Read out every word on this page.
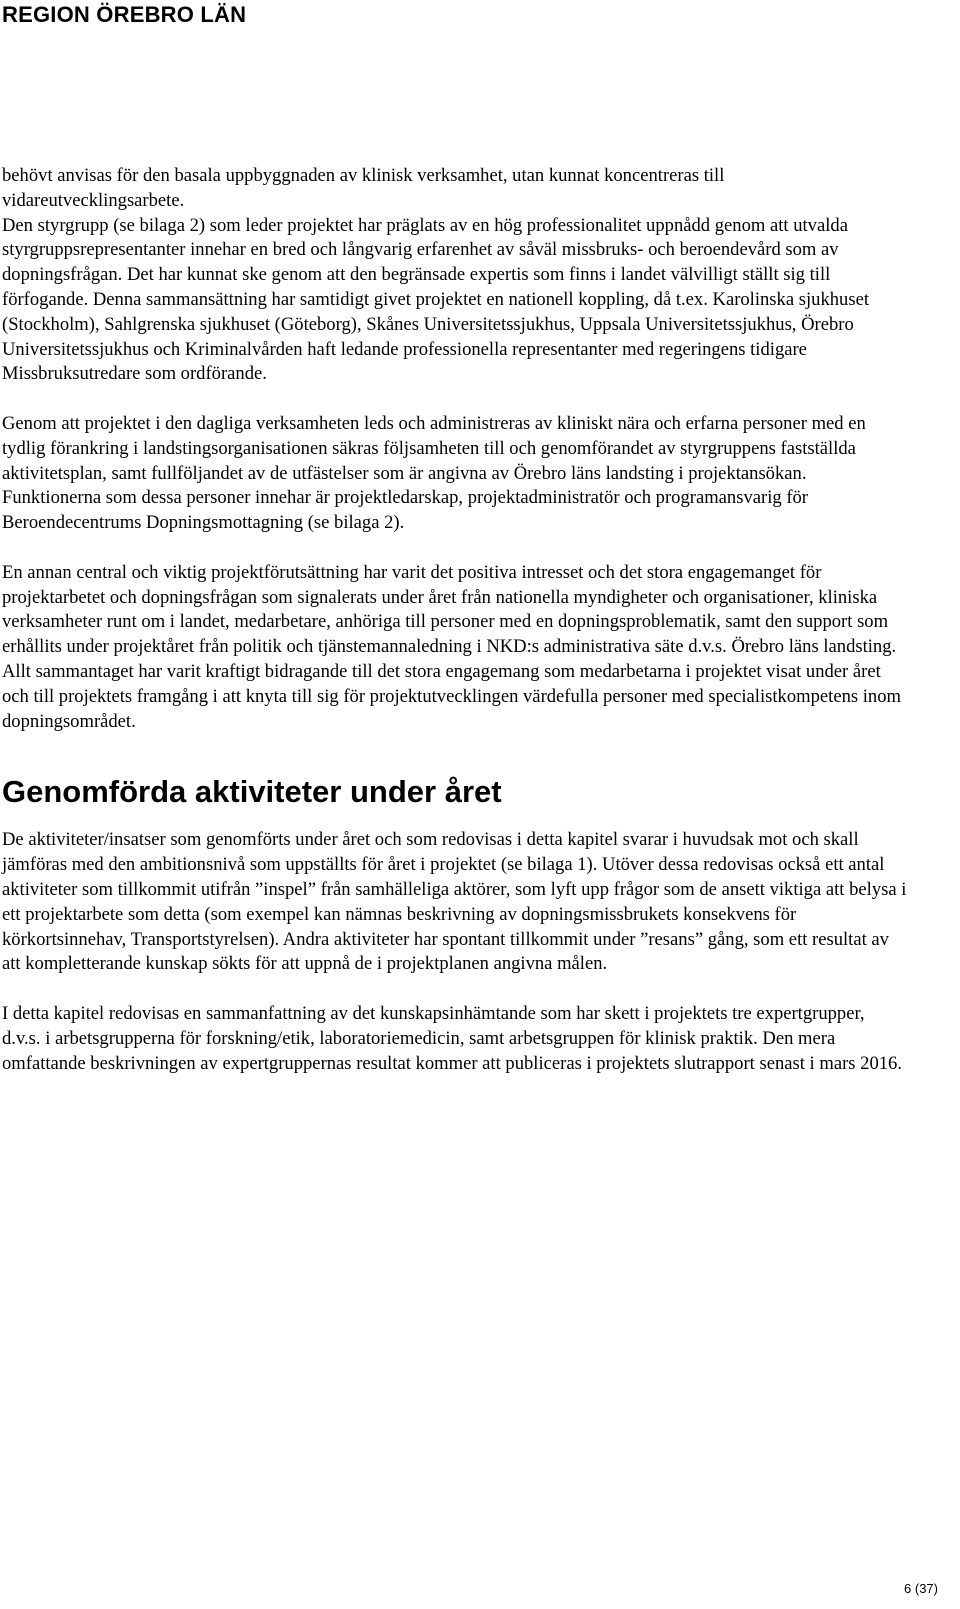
REGION ÖREBRO LÄN

behövt anvisas för den basala uppbyggnaden av klinisk verksamhet, utan kunnat koncentreras till vidareutvecklingsarbete.

Den styrgrupp (se bilaga 2) som leder projektet har präglats av en hög professionalitet uppnådd genom att utvalda styrgruppsrepresentanter innehar en bred och långvarig erfarenhet av såväl missbruks- och beroendevård som av dopningsfrågan. Det har kunnat ske genom att den begränsade expertis som finns i landet välvilligt ställt sig till förfogande. Denna sammansättning har samtidigt givet projektet en nationell koppling, då t.ex. Karolinska sjukhuset (Stockholm), Sahlgrenska sjukhuset (Göteborg), Skånes Universitetssjukhus, Uppsala Universitetssjukhus, Örebro Universitetssjukhus och Kriminalvården haft ledande professionella representanter med regeringens tidigare Missbruksutredare som ordförande.

Genom att projektet i den dagliga verksamheten leds och administreras av kliniskt nära och erfarna personer med en tydlig förankring i landstingsorganisationen säkras följsamheten till och genomförandet av styrgruppens fastställda aktivitetsplan, samt fullföljandet av de utfästelser som är angivna av Örebro läns landsting i projektansökan. Funktionerna som dessa personer innehar är projektledarskap, projektadministratör och programansvarig för Beroendecentrums Dopningsmottagning (se bilaga 2).

En annan central och viktig projektförutsättning har varit det positiva intresset och det stora engagemanget för projektarbetet och dopningsfrågan som signalerats under året från nationella myndigheter och organisationer, kliniska verksamheter runt om i landet, medarbetare, anhöriga till personer med en dopningsproblematik, samt den support som erhållits under projektåret från politik och tjänstemannaledning i NKD:s administrativa säte d.v.s. Örebro läns landsting. Allt sammantaget har varit kraftigt bidragande till det stora engagemang som medarbetarna i projektet visat under året och till projektets framgång i att knyta till sig för projektutvecklingen värdefulla personer med specialistkompetens inom dopningsområdet.

Genomförda aktiviteter under året

De aktiviteter/insatser som genomförts under året och som redovisas i detta kapitel svarar i huvudsak mot och skall jämföras med den ambitionsnivå som uppställts för året i projektet (se bilaga 1). Utöver dessa redovisas också ett antal aktiviteter som tillkommit utifrån ”inspel” från samhälleliga aktörer, som lyft upp frågor som de ansett viktiga att belysa i ett projektarbete som detta (som exempel kan nämnas beskrivning av dopningsmissbrukets konsekvens för körkortsinnehav, Transportstyrelsen). Andra aktiviteter har spontant tillkommit under ”resans” gång, som ett resultat av att kompletterande kunskap sökts för att uppnå de i projektplanen angivna målen.

I detta kapitel redovisas en sammanfattning av det kunskapsinhämtande som har skett i projektets tre expertgrupper, d.v.s. i arbetsgrupperna för forskning/etik, laboratoriemedicin, samt arbetsgruppen för klinisk praktik. Den mera omfattande beskrivningen av expertgruppernas resultat kommer att publiceras i projektets slutrapport senast i mars 2016.

6 (37)
